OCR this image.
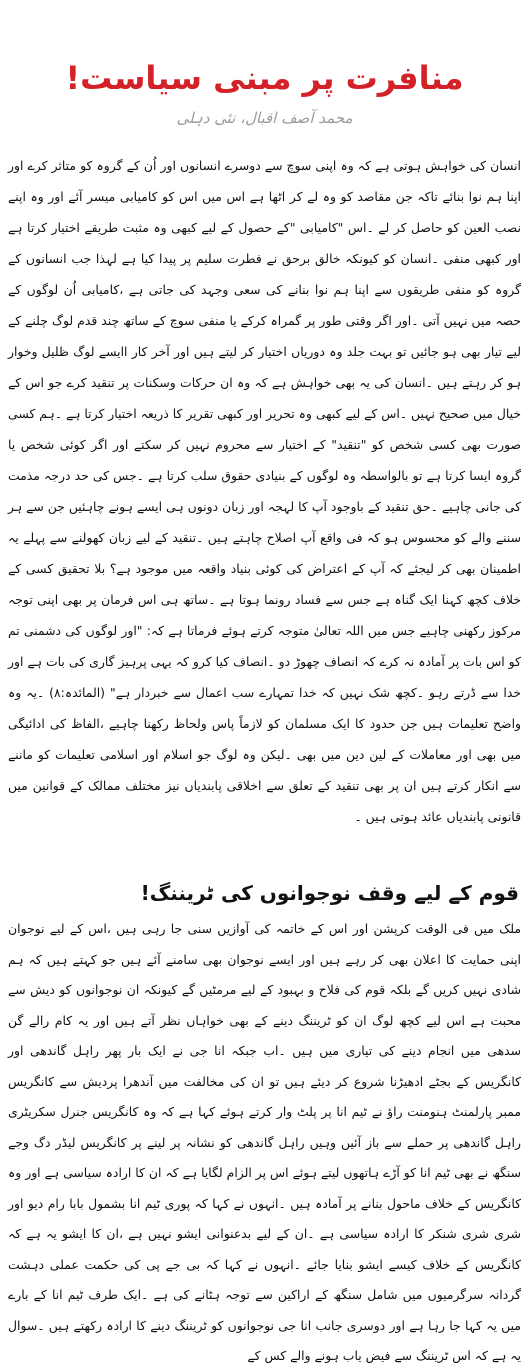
منافرت پر مبنی سیاست!
محمد آصف اقبال، نئی دہلی

انسان کی خواہش ہوتی ہے کہ وہ اپنی سوچ سے دوسرے انسانوں اور اُن کے گروہ کو متاثر کرے اور اپنا ہم نوا بنائے تاکہ جن مقاصد کو وہ لے کر اٹھا ہے اس میں اس کو کامیابی میسر آئے اور وہ اپنے نصب العین کو حاصل کر لے ۔اس "کامیابی "کے حصول کے لیے کبھی وہ مثبت طریقے اختیار کرتا ہے اور کبھی منفی ۔انسان کو کیونکہ خالق برحق نے فطرت سلیم پر پیدا کیا ہے لہذا جب انسانوں کے گروہ کو منفی طریقوں سے اپنا ہم نوا بنانے کی سعی وجہد کی جاتی ہے ،کامیابی اُن لوگوں کے حصہ میں نہیں آتی ۔اور اگر وقتی طور پر گمراہ کرکے یا منفی سوچ کے ساتھ چند قدم لوگ چلنے کے لیے تیار بھی ہو جائیں تو بہت جلد وہ دوریاں اختیار کر لیتے ہیں اور آخر کار اایسے لوگ ظلیل وخوار ہو کر رہتے ہیں ۔انسان کی یہ بھی خواہش ہے کہ وہ ان حرکات وسکنات پر تنقید کرے جو اس کے خیال میں صحیح نہیں ۔اس کے لیے کبھی وہ تحریر اور کبھی تقریر کا ذریعہ اختیار کرتا ہے ۔ہم کسی صورت بھی کسی شخص کو "تنقید" کے اختیار سے محروم نہیں کر سکتے اور اگر کوئی شخص یا گروہ ایسا کرتا ہے تو بالواسطہ وہ لوگوں کے بنیادی حقوق سلب کرتا ہے ۔جس کی حد درجہ مذمت کی جانی چاہیے ۔حق تنقید کے باوجود آپ کا لہجہ اور زبان دونوں ہی ایسے ہونے چاہئیں جن سے ہر سننے والے کو محسوس ہو کہ فی واقع آپ اصلاح چاہتے ہیں ۔تنقید کے لیے زبان کھولنے سے پہلے یہ اطمینان بھی کر لیجئے کہ آپ کے اعتراض کی کوئی بنیاد واقعہ میں موجود ہے؟ بلا تحقیق کسی کے خلاف کچھ کہنا ایک گناہ ہے جس سے فساد رونما ہوتا ہے ۔ساتھ ہی اس فرمان پر بھی اپنی توجہ مرکوز رکھنی چاہیے جس میں اللہ تعالیٰ متوجہ کرتے ہوئے فرماتا ہے کہ: "اور لوگوں کی دشمنی تم کو اس بات پر آمادہ نہ کرے کہ انصاف چھوڑ دو ۔انصاف کیا کرو کہ یہی پرہیز گاری کی بات ہے اور خدا سے ڈرتے رہو ۔کچھ شک نہیں کہ خدا تمہارے سب اعمال سے خبردار ہے" (المائدہ:۸) ۔یہ وہ واضح تعلیمات ہیں جن حدود کا ایک مسلمان کو لازماً پاس ولحاظ رکھنا چاہیے ،الفاظ کی ادائیگی میں بھی اور معاملات کے لین دین میں بھی ۔لیکن وہ لوگ جو اسلام اور اسلامی تعلیمات کو ماننے سے انکار کرتے ہیں ان پر بھی تنقید کے تعلق سے اخلاقی پابندیاں نیز مختلف ممالک کے قوانین میں قانونی پابندیاں عائد ہوتی ہیں ۔

قوم کے لیے وقف نوجوانوں کی ٹریننگ!

ملک میں فی الوقت کرپشن اور اس کے خاتمہ کی آوازیں سنی جا رہی ہیں ،اس کے لیے نوجوان اپنی حمایت کا اعلان بھی کر رہے ہیں اور ایسے نوجوان بھی سامنے آئے ہیں جو کہتے ہیں کہ ہم شادی نہیں کریں گے بلکہ قوم کی فلاح و بہبود کے لیے مرمٹیں گے کیونکہ ان نوجوانوں کو دیش سے محبت ہے اس لیے کچھ لوگ ان کو ٹریننگ دینے کے بھی خواہاں نظر آتے ہیں اور یہ کام رالے گن سدھی میں انجام دینے کی تیاری میں ہیں ۔اب جبکہ انا جی نے ایک بار پھر راہل گاندھی اور کانگریس کے بجٹے ادھیڑنا شروع کر دیئے ہیں تو ان کی مخالفت میں آندھرا پردیش سے کانگریس ممبر پارلمنٹ ہنومنت راؤ نے ٹیم انا پر پلٹ وار کرتے ہوئے کہا ہے کہ وہ کانگریس جنرل سکریٹری راہل گاندھی پر حملے سے باز آئیں وہیں راہل گاندھی کو نشانہ پر لینے پر کانگریس لیڈر دگ وجے سنگھ نے بھی ٹیم انا کو آڑے ہاتھوں لیتے ہوئے اس پر الزام لگایا ہے کہ ان کا ارادہ سیاسی ہے اور وہ کانگریس کے خلاف ماحول بنانے پر آمادہ ہیں ۔انہوں نے کہا کہ پوری ٹیم انا بشمول بابا رام دیو اور شری شری شنکر کا ارادہ سیاسی ہے ۔ان کے لیے بدعنوانی ایشو نہیں ہے ،ان کا ایشو یہ ہے کہ کانگریس کے خلاف کیسے ایشو بنایا جائے ۔انہوں نے کہا کہ بی جے پی کی حکمت عملی دہشت گردانہ سرگرمیوں میں شامل سنگھ کے اراکین سے توجہ ہٹانے کی ہے ۔ایک طرف ٹیم انا کے بارے میں یہ کہا جا رہا ہے اور دوسری جانب انا جی نوجوانوں کو ٹریننگ دینے کا ارادہ رکھتے ہیں ۔سوال یہ ہے کہ اس ٹریننگ سے فیض یاب ہونے والے کس کے
